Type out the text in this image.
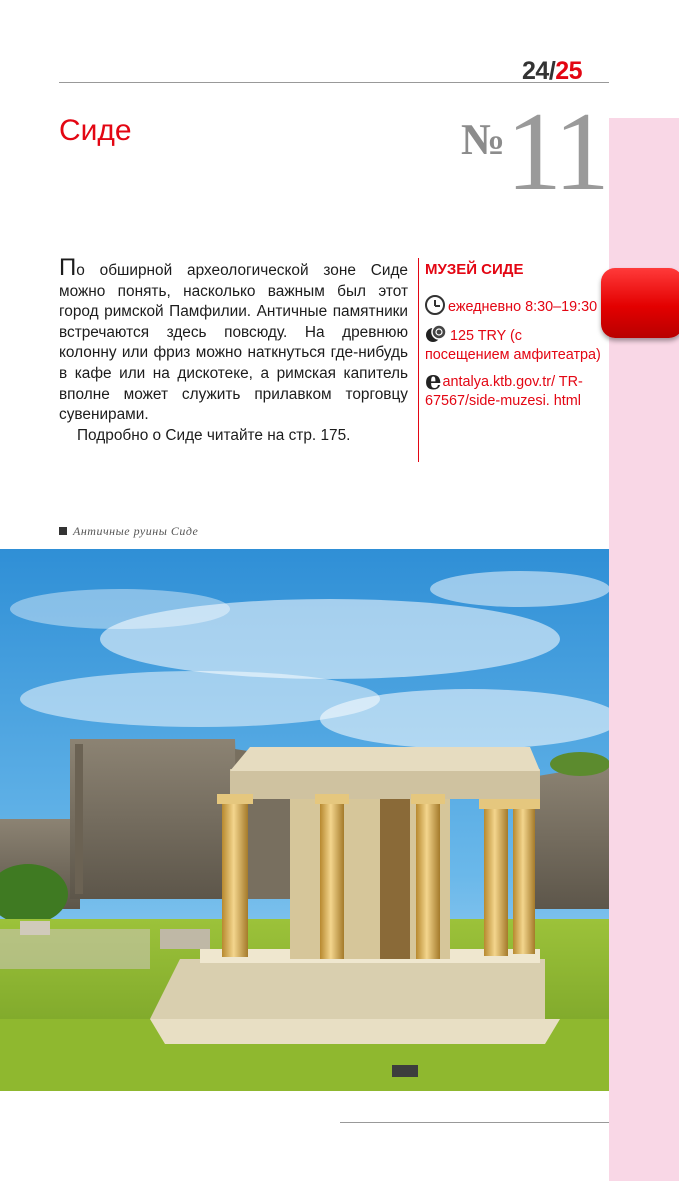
24/25
Сиде	№ 11

По обширной археологической зоне Сиде можно понять, насколько важным был этот город римской Памфилии. Античные памятники встречаются здесь повсюду. На древнюю колонну или фриз можно наткнуться где-нибудь в кафе или на дискотеке, а римская капитель вполне может служить прилавком торговцу сувенирами.

Подробно о Сиде читайте на стр. 175.

МУЗЕЙ СИДЕ
ежедневно 8:30–19:30
125 TRY (с посещением амфитеатра)
eantalya.ktb.gov.tr/ TR-67567/side-muzesi. html
Античные руины Сиде
